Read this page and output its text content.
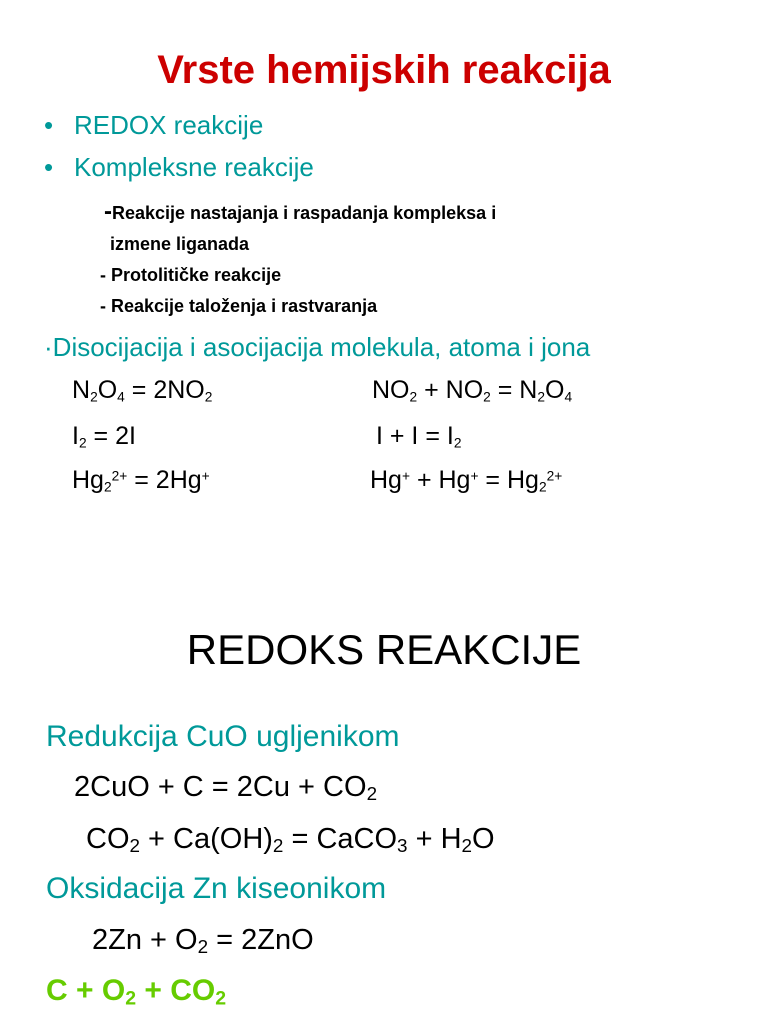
Vrste hemijskih reakcija
• REDOX reakcije
• Kompleksne reakcije
-Reakcije nastajanja i raspadanja kompleksa i
izmene liganada
- Protolitičke reakcije
- Reakcije taloženja i rastvaranja
·Disocijacija i asocijacija molekula, atoma i jona
$N_2O_4 = 2NO_2$	$NO_2 + NO_2 = N_2O_4$
$I_2 = 2I$	$I + I = I_2$
$Hg_2^{2+} = 2Hg^+$	$Hg^+ + Hg^+ = Hg_2^{2+}$
REDOKS REAKCIJE
Redukcija CuO ugljenikom
$2CuO + C = 2Cu + CO_2$
$CO_2 + Ca(OH)_2$ = CaCO$_3$ + $H_2O$
Oksidacija Zn kiseonikom
$2Zn + O_2 = 2ZnO$
$C + O_2 + CO_2$
